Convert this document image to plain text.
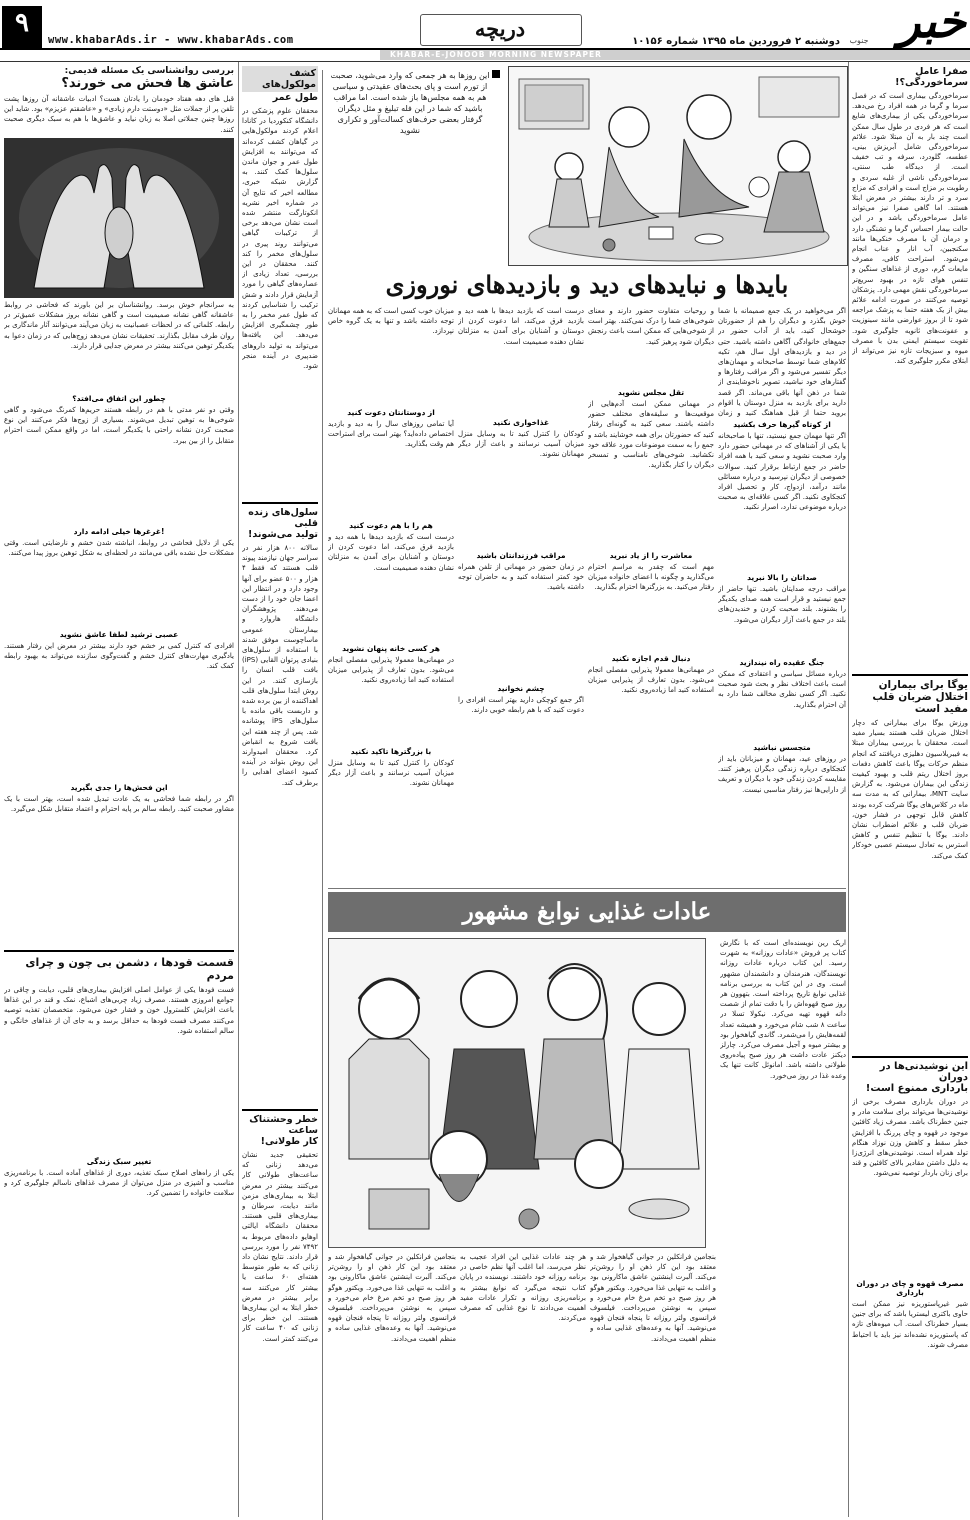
۹
www.khabarAds.ir - www.khabarAds.com	دریچه
دوشنبه ۲ فروردین ماه ۱۳۹۵ شماره ۱۰۱۵۶	خبر
جنوب
KHABAR-E-JONOOB MORNING NEWSPAPER
صفرا عامل سرماخوردگی؟!
سرماخوردگی بیماری است که در فصل سرما و گرما در همه افراد رخ می‌دهد. سرماخوردگی یکی از بیماری‌های شایع است که هر فردی در طول سال ممکن است چند بار به آن مبتلا شود. علائم سرماخوردگی شامل آبریزش بینی، عطسه، گلودرد، سرفه و تب خفیف است. از دیدگاه طب سنتی، سرماخوردگی ناشی از غلبه سردی و رطوبت بر مزاج است و افرادی که مزاج سرد و تر دارند بیشتر در معرض ابتلا هستند. اما گاهی صفرا نیز می‌تواند عامل سرماخوردگی باشد و در این حالت بیمار احساس گرما و تشنگی دارد و درمان آن با مصرف خنکی‌ها مانند سکنجبین، آب انار و عناب انجام می‌شود. استراحت کافی، مصرف مایعات گرم، دوری از غذاهای سنگین و تنفس هوای تازه در بهبود سریع‌تر سرماخوردگی نقش مهمی دارد. پزشکان توصیه می‌کنند در صورت ادامه علائم بیش از یک هفته حتما به پزشک مراجعه شود تا از بروز عوارضی مانند سینوزیت و عفونت‌های ثانویه جلوگیری شود. تقویت سیستم ایمنی بدن با مصرف میوه و سبزیجات تازه نیز می‌تواند از ابتلای مکرر جلوگیری کند.
یوگا برای بیماران
اختلال ضربان قلب
مفید است
ورزش یوگا برای بیمارانی که دچار اختلال ضربان قلب هستند بسیار مفید است. محققان با بررسی بیماران مبتلا به فیبریلاسیون دهلیزی دریافتند که انجام منظم حرکات یوگا باعث کاهش دفعات بروز اختلال ریتم قلب و بهبود کیفیت زندگی این بیماران می‌شود. به گزارش سایت MNT، بیمارانی که به مدت سه ماه در کلاس‌های یوگا شرکت کرده بودند کاهش قابل توجهی در فشار خون، ضربان قلب و علائم اضطراب نشان دادند. یوگا با تنظیم تنفس و کاهش استرس به تعادل سیستم عصبی خودکار کمک می‌کند.
این نوشیدنی‌ها در دوران
بارداری ممنوع است!
در دوران بارداری مصرف برخی از نوشیدنی‌ها می‌تواند برای سلامت مادر و جنین خطرناک باشد. مصرف زیاد کافئین موجود در قهوه و چای پررنگ با افزایش خطر سقط و کاهش وزن نوزاد هنگام تولد همراه است. نوشیدنی‌های انرژی‌زا به دلیل داشتن مقادیر بالای کافئین و قند برای زنان باردار توصیه نمی‌شود.
مصرف قهوه و چای در دوران بارداری
شیر غیرپاستوریزه نیز ممکن است حاوی باکتری لیستریا باشد که برای جنین بسیار خطرناک است. آب میوه‌های تازه که پاستوریزه نشده‌اند نیز باید با احتیاط مصرف شوند.
این روزها به هر جمعی که وارد می‌شوید، صحبت از تورم است و پای بحث‌های عقیدتی و سیاسی هم به همه مجلس‌ها باز شده است. اما مراقب باشید که شما در این فله تبلیغ و مثل دیگران گرفتار بعضی حرف‌های کسالت‌آور و تکراری نشوید
بایدها و نبایدهای دید و بازدیدهای نوروزی
اگر می‌خواهید در یک جمع صمیمانه با شما خوش بگذرد و دیگران را هم از حضورتان خوشحال کنید، باید از آداب حضور در جمع‌های خانوادگی آگاهی داشته باشید. حتی در دید و بازدیدهای اول سال هم، تکیه کلام‌های شما توسط صاحبخانه و مهمان‌های دیگر تفسیر می‌شود و اگر مراقب رفتارها و گفتارهای خود نباشید، تصویر ناخوشایندی از شما در ذهن آنها باقی می‌ماند. اگر قصد دارید برای بازدید به منزل دوستان یا اقوام بروید حتما از قبل هماهنگ کنید و زمان
از کوتاه گیرها حرف بکشید
اگر تنها مهمان جمع نیستید، تنها با صاحبخانه یا یکی از آشناهای که در مهمانی حضور دارد وارد صحبت نشوید و سعی کنید با همه افراد حاضر در جمع ارتباط برقرار کنید. سوالات خصوصی از دیگران نپرسید و درباره مسائلی مانند درآمد، ازدواج، کار و تحصیل افراد کنجکاوی نکنید. اگر کسی علاقه‌ای به صحبت درباره موضوعی ندارد، اصرار نکنید.
صداتان را بالا نبرید
مراقب درجه صدایتان باشید. تنها حاضر از جمع نیستید و قرار است همه صدای یکدیگر را بشنوند. بلند صحبت کردن و خندیدن‌های بلند در جمع باعث آزار دیگران می‌شود.
جنگ عقیده راه نیندازید
درباره مسائل سیاسی و اعتقادی که ممکن است باعث اختلاف نظر و بحث شود صحبت نکنید. اگر کسی نظری مخالف شما دارد به آن احترام بگذارید.
متجسس نباشید
در روزهای عید، مهمانان و میزبانان باید از کنجکاوی درباره زندگی دیگران پرهیز کنند. مقایسه کردن زندگی خود با دیگران و تعریف از دارایی‌ها نیز رفتار مناسبی نیست.
و روحیات متفاوت حضور دارند و معنای شوخی‌های شما را درک نمی‌کنند. بهتر است از شوخی‌هایی که ممکن است باعث رنجش دیگران شود پرهیز کنید.
تقل مجلس نشوید
در مهمانی ممکن است آدم‌هایی از موقعیت‌ها و سلیقه‌های مختلف حضور داشته باشند. سعی کنید به گونه‌ای رفتار کنید که حضورتان برای همه خوشایند باشد و جمع را به سمت موضوعات مورد علاقه خود نکشانید. شوخی‌های نامناسب و تمسخر دیگران را کنار بگذارید.
معاشرت را از یاد نبرید
مهم است که چقدر به مراسم احترام می‌گذارید و چگونه با اعضای خانواده میزبان رفتار می‌کنید. به بزرگترها احترام بگذارید.
دنبال قدم اجازه نکنید
در مهمانی‌ها معمولا پذیرایی مفصلی انجام می‌شود. بدون تعارف از پذیرایی میزبان استفاده کنید اما زیاده‌روی نکنید.
درست است که بازدید دیدها با همه دید و بازدید فرق می‌کند، اما دعوت کردن از دوستان و آشنایان برای آمدن به منزلتان نشان دهنده صمیمیت است.
غذاخواری نکنید
کودکان را کنترل کنید تا به وسایل منزل میزبان آسیب نرسانند و باعث آزار دیگر مهمانان نشوند.
مراقب فرزندانتان باشید
در زمان حضور در مهمانی از تلفن همراه خود کمتر استفاده کنید و به حاضران توجه داشته باشید.
چشم نخوانید
اگر جمع کوچکی دارید بهتر است افرادی را دعوت کنید که با هم رابطه خوبی دارند.
میزبان خوب کسی است که به همه مهمانان توجه داشته باشد و تنها به یک گروه خاص نپردازد.
از دوستانتان دعوت کنید
آیا تمامی روزهای سال را به دید و بازدید اختصاص داده‌اید؟ بهتر است برای استراحت هم وقت بگذارید.
هم را با هم دعوت کنید
درست است که بازدید دیدها با همه دید و بازدید فرق می‌کند، اما دعوت کردن از دوستان و آشنایان برای آمدن به منزلتان نشان دهنده صمیمیت است.
هر کسی خانه پنهان نشوید
در مهمانی‌ها معمولا پذیرایی مفصلی انجام می‌شود. بدون تعارف از پذیرایی میزبان استفاده کنید اما زیاده‌روی نکنید.
با بزرگترها تاکید نکنید
کودکان را کنترل کنید تا به وسایل منزل میزبان آسیب نرسانند و باعث آزار دیگر مهمانان نشوند.
عادات غذایی نوابغ مشهور
اریک رین نویسنده‌ای است که با نگارش کتاب پر فروش «عادات روزانه» به شهرت رسید. این کتاب درباره عادات روزانه نویسندگان، هنرمندان و دانشمندان مشهور است. وی در این کتاب به بررسی برنامه غذایی نوابغ تاریخ پرداخته است. بتهوون هر روز صبح قهوه‌اش را با دقت تمام از شصت دانه قهوه تهیه می‌کرد. نیکولا تسلا در ساعت ۸ شب شام می‌خورد و همیشه تعداد لقمه‌هایش را می‌شمرد. گاندی گیاهخوار بود و بیشتر میوه و آجیل مصرف می‌کرد. چارلز دیکنز عادت داشت هر روز صبح پیاده‌روی طولانی داشته باشد. امانوئل کانت تنها یک وعده غذا در روز می‌خورد.
بنجامین فرانکلین در جوانی گیاهخوار شد و معتقد بود این کار ذهن او را روشن‌تر می‌کند. آلبرت اینشتین عاشق ماکارونی بود و اغلب به تنهایی غذا می‌خورد. ویکتور هوگو هر روز صبح دو تخم مرغ خام می‌خورد و سپس به نوشتن می‌پرداخت. فیلسوف فرانسوی ولتر روزانه تا پنجاه فنجان قهوه می‌نوشید. آنها به وعده‌های غذایی ساده و منظم اهمیت می‌دادند.
هر چند عادات غذایی این افراد عجیب به نظر می‌رسد، اما اغلب آنها نظم خاصی در برنامه روزانه خود داشتند. نویسنده در پایان کتاب نتیجه می‌گیرد که نوابغ بیشتر به برنامه‌ریزی روزانه و تکرار عادات مفید اهمیت می‌دادند تا نوع غذایی که مصرف می‌کردند.
بنجامین فرانکلین در جوانی گیاهخوار شد و معتقد بود این کار ذهن او را روشن‌تر می‌کند. آلبرت اینشتین عاشق ماکارونی بود و اغلب به تنهایی غذا می‌خورد. ویکتور هوگو هر روز صبح دو تخم مرغ خام می‌خورد و سپس به نوشتن می‌پرداخت. فیلسوف فرانسوی ولتر روزانه تا پنجاه فنجان قهوه می‌نوشید. آنها به وعده‌های غذایی ساده و منظم اهمیت می‌دادند.
کشف مولکول‌های
طول عمر
محققان علوم پزشکی در دانشگاه کنکوردیا در کانادا اعلام کردند مولکول‌هایی در گیاهان کشف کرده‌اند که می‌توانند به افزایش طول عمر و جوان ماندن سلول‌ها کمک کنند. به گزارش شبکه خبری، مطالعه اخیر که نتایج آن در شماره اخیر نشریه انکوتارگت منتشر شده است نشان می‌دهد برخی از ترکیبات گیاهی می‌توانند روند پیری در سلول‌های مخمر را کند کنند. محققان در این بررسی، تعداد زیادی از عصاره‌های گیاهی را مورد آزمایش قرار دادند و شش ترکیب را شناسایی کردند که طول عمر مخمر را به طور چشمگیری افزایش می‌دهد. این یافته‌ها می‌تواند به تولید داروهای ضدپیری در آینده منجر شود.
سلول‌های زنده قلبی
تولید می‌شوند!
سالانه ۸۰۰ هزار نفر در سراسر جهان نیازمند پیوند قلب هستند که فقط ۴ هزار و ۵۰۰ عضو برای آنها وجود دارد و در انتظار این اعضا جان خود را از دست می‌دهند. پژوهشگران دانشگاه هاروارد و بیمارستان عمومی ماساچوست موفق شدند با استفاده از سلول‌های بنیادی پرتوان القایی (iPS) بافت قلب انسان را بازسازی کنند. در این روش ابتدا سلول‌های قلب اهداکننده از بین برده شده و داربست باقی مانده با سلول‌های iPS پوشانده شد. پس از چند هفته این بافت شروع به انقباض کرد. محققان امیدوارند این روش بتواند در آینده کمبود اعضای اهدایی را برطرف کند.
خطر وحشتناک ساعت
کار طولانی!
تحقیقی جدید نشان می‌دهد زنانی که ساعت‌های طولانی کار می‌کنند بیشتر در معرض ابتلا به بیماری‌های مزمن مانند دیابت، سرطان و بیماری‌های قلبی هستند. محققان دانشگاه ایالتی اوهایو داده‌های مربوط به ۷۴۹۲ نفر را مورد بررسی قرار دادند. نتایج نشان داد زنانی که به طور متوسط هفته‌ای ۶۰ ساعت یا بیشتر کار می‌کنند سه برابر بیشتر در معرض خطر ابتلا به این بیماری‌ها هستند. این خطر برای زنانی که ۴۰ ساعت کار می‌کنند کمتر است.
بررسی روانشناسی یک مسئله قدیمی:
عاشق ها فحش می خورند؟
قبل های دهه هفتاد خودمان را یادتان هست؟ ادبیات عاشقانه آن روزها پشت تلفن پر از جملات مثل «دوستت دارم زیادی» و «عاشقتم عزیزم» بود. شاید این روزها چنین جملاتی اصلا به زبان نیاید و عاشق‌ها با هم به سبک دیگری صحبت کنند.
به سرانجام خوش برسد. روانشناسان بر این باورند که فحاشی در روابط عاشقانه گاهی نشانه صمیمیت است و گاهی نشانه بروز مشکلات عمیق‌تر در رابطه. کلماتی که در لحظات عصبانیت به زبان می‌آیند می‌توانند آثار ماندگاری بر روان طرف مقابل بگذارند. تحقیقات نشان می‌دهد زوج‌هایی که در زمان دعوا به یکدیگر توهین می‌کنند بیشتر در معرض جدایی قرار دارند.
چطور این اتفاق می‌افتد؟
وقتی دو نفر مدتی با هم در رابطه هستند حریم‌ها کمرنگ می‌شود و گاهی شوخی‌ها به توهین تبدیل می‌شوند. بسیاری از زوج‌ها فکر می‌کنند این نوع صحبت کردن نشانه راحتی با یکدیگر است، اما در واقع ممکن است احترام متقابل را از بین ببرد.
غرغرها خیلی ادامه دارد!
یکی از دلایل فحاشی در روابط، انباشته شدن خشم و نارضایتی است. وقتی مشکلات حل نشده باقی می‌مانند در لحظه‌ای به شکل توهین بروز پیدا می‌کنند.
عصبی ترشید لطفا عاشق نشوید
افرادی که کنترل کمی بر خشم خود دارند بیشتر در معرض این رفتار هستند. یادگیری مهارت‌های کنترل خشم و گفت‌وگوی سازنده می‌تواند به بهبود رابطه کمک کند.
این فحش‌ها را جدی بگیرید
اگر در رابطه شما فحاشی به یک عادت تبدیل شده است، بهتر است با یک مشاور صحبت کنید. رابطه سالم بر پایه احترام و اعتماد متقابل شکل می‌گیرد.
قسمت قودها ، دشمن بی چون و چرای مردم
فست فودها یکی از عوامل اصلی افزایش بیماری‌های قلبی، دیابت و چاقی در جوامع امروزی هستند. مصرف زیاد چربی‌های اشباع، نمک و قند در این غذاها باعث افزایش کلسترول خون و فشار خون می‌شود. متخصصان تغذیه توصیه می‌کنند مصرف فست فودها به حداقل برسد و به جای آن از غذاهای خانگی و سالم استفاده شود.
تغییر سبک زندگی
یکی از راه‌های اصلاح سبک تغذیه، دوری از غذاهای آماده است. با برنامه‌ریزی مناسب و آشپزی در منزل می‌توان از مصرف غذاهای ناسالم جلوگیری کرد و سلامت خانواده را تضمین کرد.
